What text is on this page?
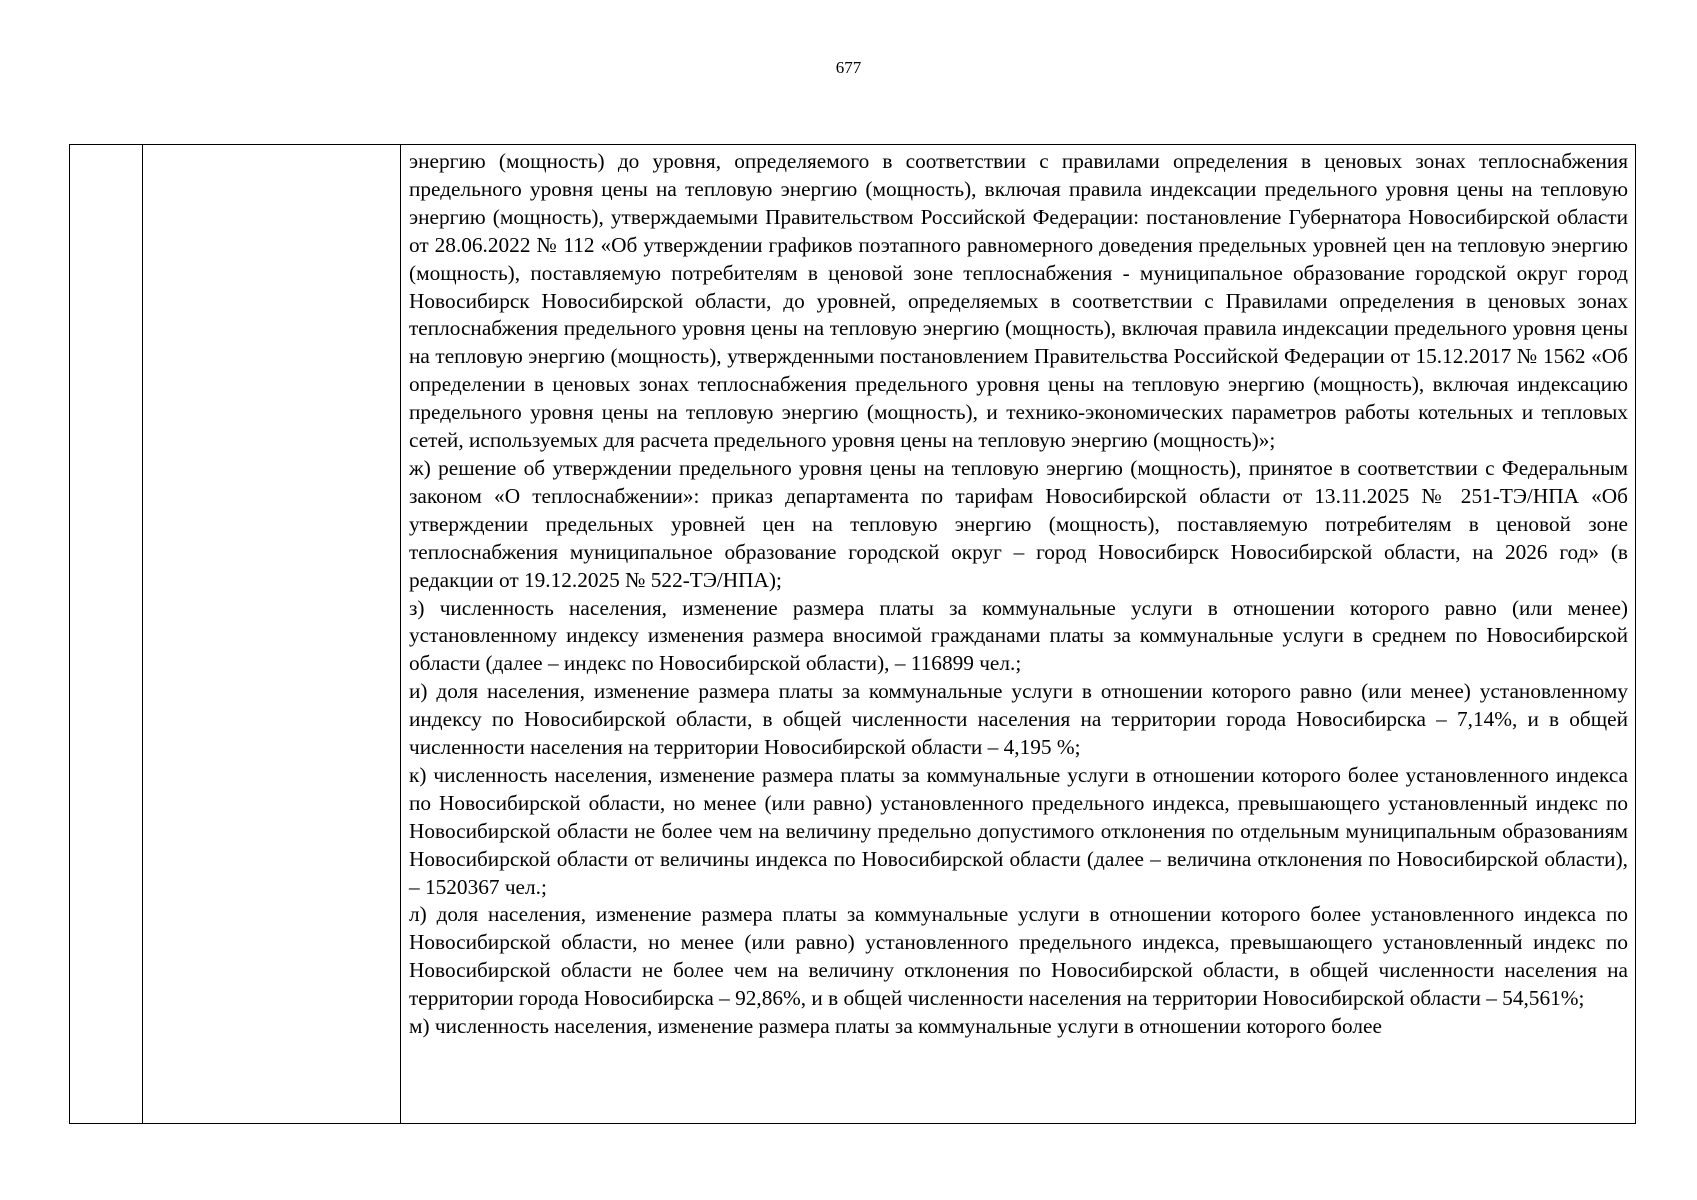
677

энергию (мощность) до уровня, определяемого в соответствии с правилами определения в ценовых зонах теплоснабжения предельного уровня цены на тепловую энергию (мощность), включая правила индексации предельного уровня цены на тепловую энергию (мощность), утверждаемыми Правительством Российской Федерации: постановление Губернатора Новосибирской области от 28.06.2022 № 112 «Об утверждении графиков поэтапного равномерного доведения предельных уровней цен на тепловую энергию (мощность), поставляемую потребителям в ценовой зоне теплоснабжения - муниципальное образование городской округ город Новосибирск Новосибирской области, до уровней, определяемых в соответствии с Правилами определения в ценовых зонах теплоснабжения предельного уровня цены на тепловую энергию (мощность), включая правила индексации предельного уровня цены на тепловую энергию (мощность), утвержденными постановлением Правительства Российской Федерации от 15.12.2017 № 1562 «Об определении в ценовых зонах теплоснабжения предельного уровня цены на тепловую энергию (мощность), включая индексацию предельного уровня цены на тепловую энергию (мощность), и технико-экономических параметров работы котельных и тепловых сетей, используемых для расчета предельного уровня цены на тепловую энергию (мощность)»;

ж) решение об утверждении предельного уровня цены на тепловую энергию (мощность), принятое в соответствии с Федеральным законом «О теплоснабжении»: приказ департамента по тарифам Новосибирской области от 13.11.2025 № 251-ТЭ/НПА «Об утверждении предельных уровней цен на тепловую энергию (мощность), поставляемую потребителям в ценовой зоне теплоснабжения муниципальное образование городской округ – город Новосибирск Новосибирской области, на 2026 год» (в редакции от 19.12.2025 № 522-ТЭ/НПА);

з) численность населения, изменение размера платы за коммунальные услуги в отношении которого равно (или менее) установленному индексу изменения размера вносимой гражданами платы за коммунальные услуги в среднем по Новосибирской области (далее – индекс по Новосибирской области), – 116899 чел.;

и) доля населения, изменение размера платы за коммунальные услуги в отношении которого равно (или менее) установленному индексу по Новосибирской области, в общей численности населения на территории города Новосибирска – 7,14%, и в общей численности населения на территории Новосибирской области – 4,195 %;

к) численность населения, изменение размера платы за коммунальные услуги в отношении которого более установленного индекса по Новосибирской области, но менее (или равно) установленного предельного индекса, превышающего установленный индекс по Новосибирской области не более чем на величину предельно допустимого отклонения по отдельным муниципальным образованиям Новосибирской области от величины индекса по Новосибирской области (далее – величина отклонения по Новосибирской области), – 1520367 чел.;

л) доля населения, изменение размера платы за коммунальные услуги в отношении которого более установленного индекса по Новосибирской области, но менее (или равно) установленного предельного индекса, превышающего установленный индекс по Новосибирской области не более чем на величину отклонения по Новосибирской области, в общей численности населения на территории города Новосибирска – 92,86%, и в общей численности населения на территории Новосибирской области – 54,561%;

м) численность населения, изменение размера платы за коммунальные услуги в отношении которого более
